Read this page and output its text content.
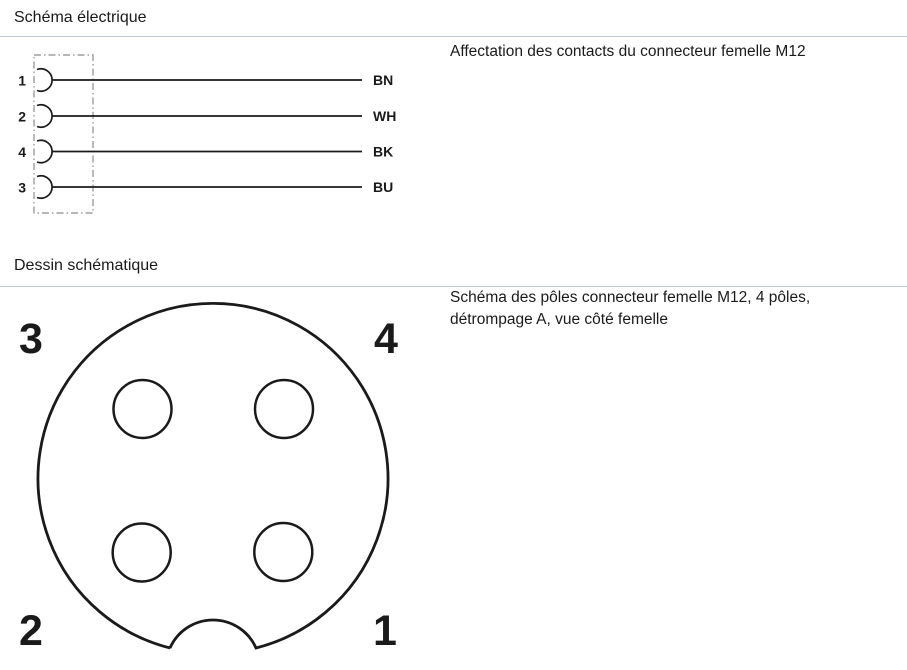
Schéma électrique
1	BN
2	WH
4	BK
3	BU
Affectation des contacts du connecteur femelle M12
Dessin schématique
3	4
2	1
Schéma des pôles connecteur femelle M12, 4 pôles, détrompage A, vue côté femelle
